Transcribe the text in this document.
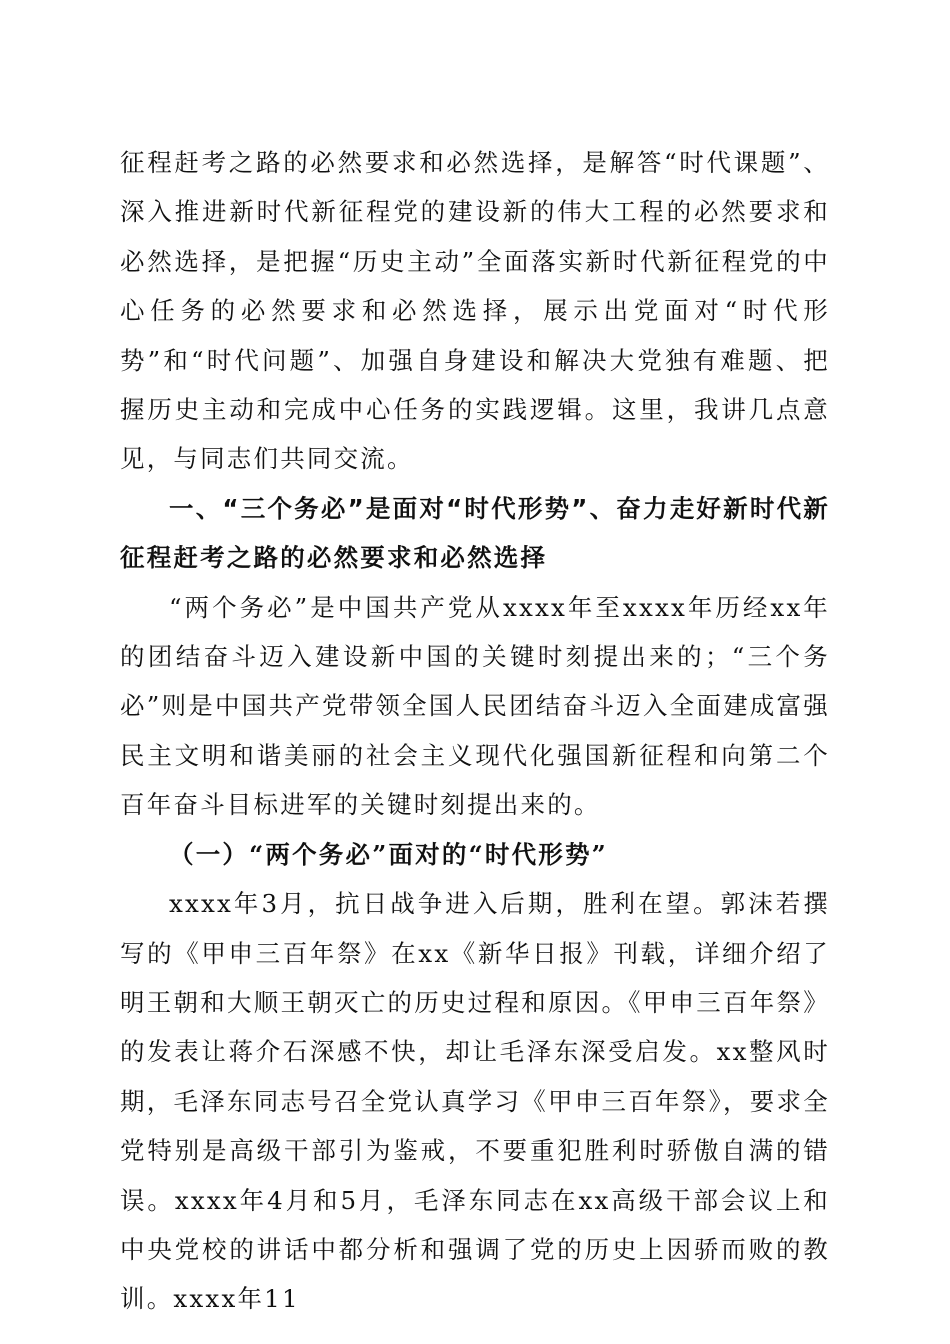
征程赶考之路的必然要求和必然选择，是解答“时代课题”、深入推进新时代新征程党的建设新的伟大工程的必然要求和必然选择，是把握“历史主动”全面落实新时代新征程党的中心任务的必然要求和必然选择，展示出党面对“时代形势”和“时代问题”、加强自身建设和解决大党独有难题、把握历史主动和完成中心任务的实践逻辑。这里，我讲几点意见，与同志们共同交流。

一、“三个务必”是面对“时代形势”、奋力走好新时代新征程赶考之路的必然要求和必然选择

“两个务必”是中国共产党从xxxx年至xxxx年历经xx年的团结奋斗迈入建设新中国的关键时刻提出来的；“三个务必”则是中国共产党带领全国人民团结奋斗迈入全面建成富强民主文明和谐美丽的社会主义现代化强国新征程和向第二个百年奋斗目标进军的关键时刻提出来的。

（一）“两个务必”面对的“时代形势”

xxxx年3月，抗日战争进入后期，胜利在望。郭沫若撰写的《甲申三百年祭》在xx《新华日报》刊载，详细介绍了明王朝和大顺王朝灭亡的历史过程和原因。《甲申三百年祭》的发表让蒋介石深感不快，却让毛泽东深受启发。xx整风时期，毛泽东同志号召全党认真学习《甲申三百年祭》，要求全党特别是高级干部引为鉴戒，不要重犯胜利时骄傲自满的错误。xxxx年4月和5月，毛泽东同志在xx高级干部会议上和中央党校的讲话中都分析和强调了党的历史上因骄而败的教训。xxxx年11
